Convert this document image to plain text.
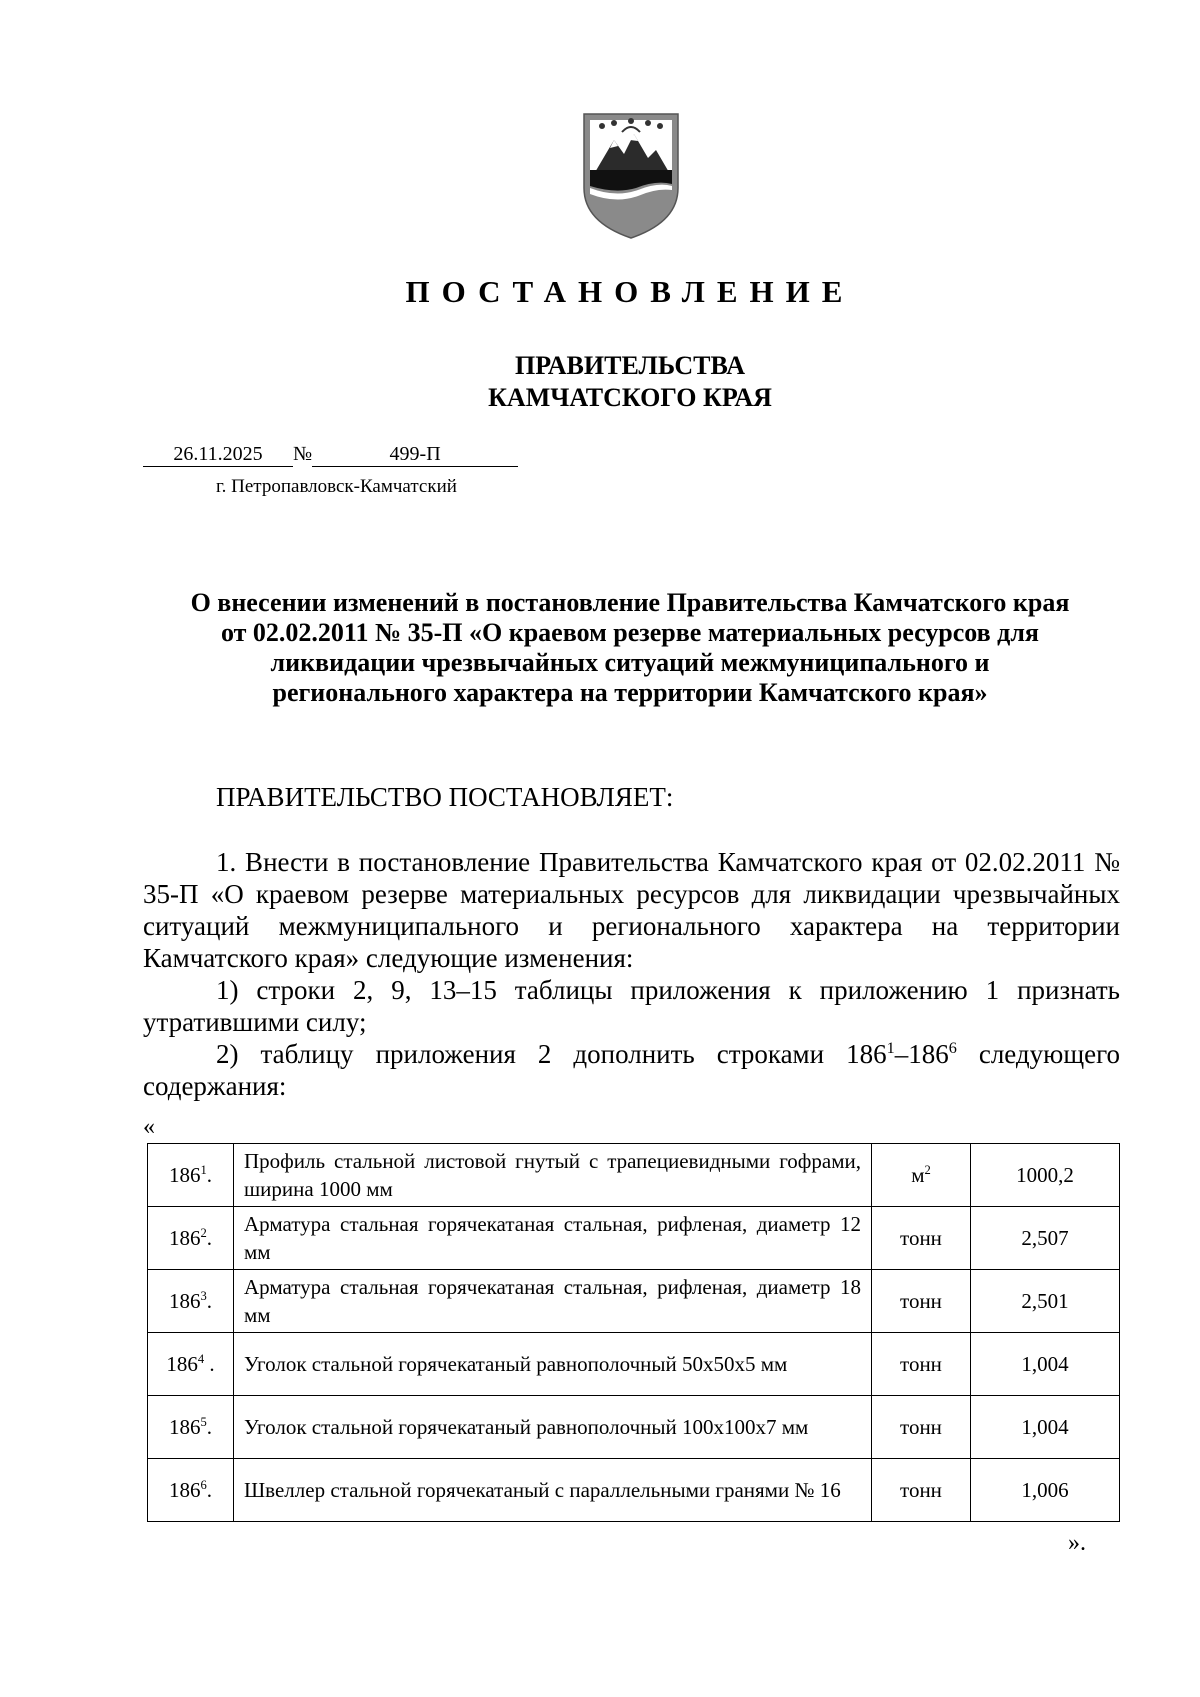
ПОСТАНОВЛЕНИЕ
ПРАВИТЕЛЬСТВА
КАМЧАТСКОГО КРАЯ
26.11.2025 №	499-П
г. Петропавловск-Камчатский
О внесении изменений в постановление Правительства Камчатского края
от 02.02.2011 № 35-П «О краевом резерве материальных ресурсов для
ликвидации чрезвычайных ситуаций межмуниципального и
регионального характера на территории Камчатского края»

ПРАВИТЕЛЬСТВО ПОСТАНОВЛЯЕТ:

1. Внести в постановление Правительства Камчатского края от 02.02.2011 № 35-П «О краевом резерве материальных ресурсов для ликвидации чрезвычайных ситуаций межмуниципального и регионального характера на территории Камчатского края» следующие изменения:

1) строки 2, 9, 13–15 таблицы приложения к приложению 1 признать утратившими силу;

2) таблицу приложения 2 дополнить строками $186^1-186^6$ следующего содержания:

«
$186^1$.	Профиль стальной листовой гнутый с трапециевидными гофрами, ширина 1000 мм	$м^2$	1000,2
$186^2$.	Арматура стальная горячекатаная стальная, рифленая, диаметр 12 мм	тонн	2,507
$186^3$.	Арматура стальная горячекатаная стальная, рифленая, диаметр 18 мм	тонн	2,501
$186^4$ .	Уголок стальной горячекатаный равнополочный 50х50х5 мм	тонн	1,004
$186^5$.	Уголок стальной горячекатаный равнополочный 100х100х7 мм	тонн	1,004
$186^6$.	Швеллер стальной горячекатаный с параллельными гранями № 16	тонн	1,006
».
